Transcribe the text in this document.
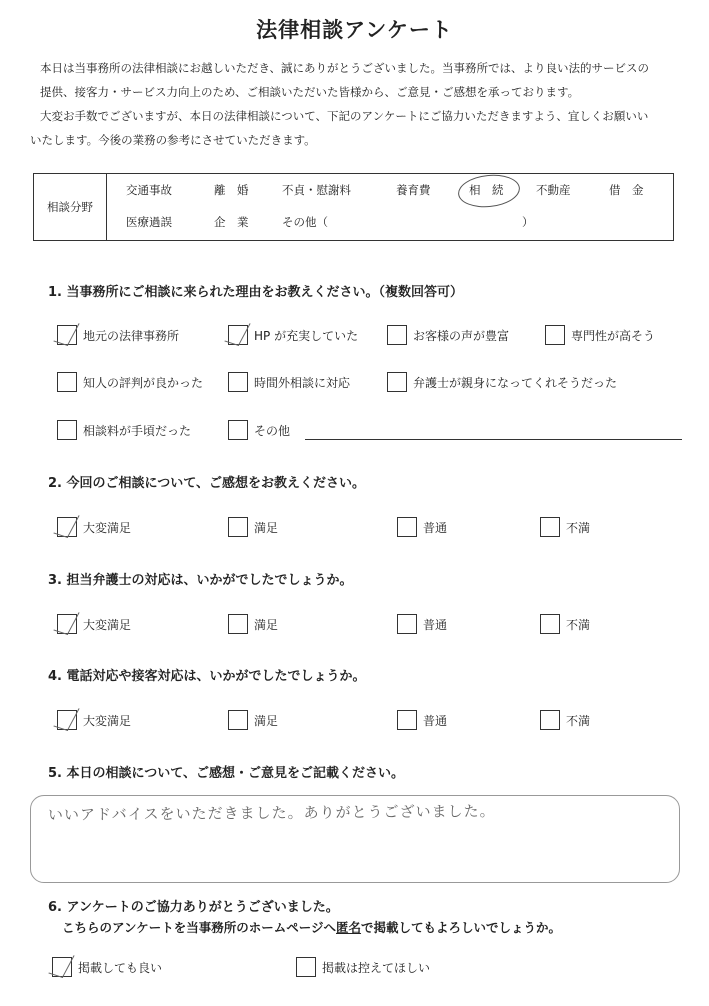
法律相談アンケート
本日は当事務所の法律相談にお越しいただき、誠にありがとうございました。当事務所では、より良い法的サービスの
提供、接客力・サービス力向上のため、ご相談いただいた皆様から、ご意見・ご感想を承っております。
大変お手数でございますが、本日の法律相談について、下記のアンケートにご協力いただきますよう、宜しくお願いい
いたします。今後の業務の参考にさせていただきます。
相談分野
交通事故	離　婚	不貞・慰謝料	養育費	相　続	不動産	借　金
医療過誤	企　業	その他（	）
1. 当事務所にご相談に来られた理由をお教えください。（複数回答可）
地元の法律事務所	HP が充実していた	お客様の声が豊富	専門性が高そう
知人の評判が良かった	時間外相談に対応	弁護士が親身になってくれそうだった
相談料が手頃だった	その他
2. 今回のご相談について、ご感想をお教えください。
大変満足	満足	普通	不満
3. 担当弁護士の対応は、いかがでしたでしょうか。
大変満足	満足	普通	不満
4. 電話対応や接客対応は、いかがでしたでしょうか。
大変満足	満足	普通	不満
5. 本日の相談について、ご感想・ご意見をご記載ください。
いいアドバイスをいただきました。ありがとうございました。
6. アンケートのご協力ありがとうございました。
こちらのアンケートを当事務所のホームページへ匿名で掲載してもよろしいでしょうか。
掲載しても良い	掲載は控えてほしい
